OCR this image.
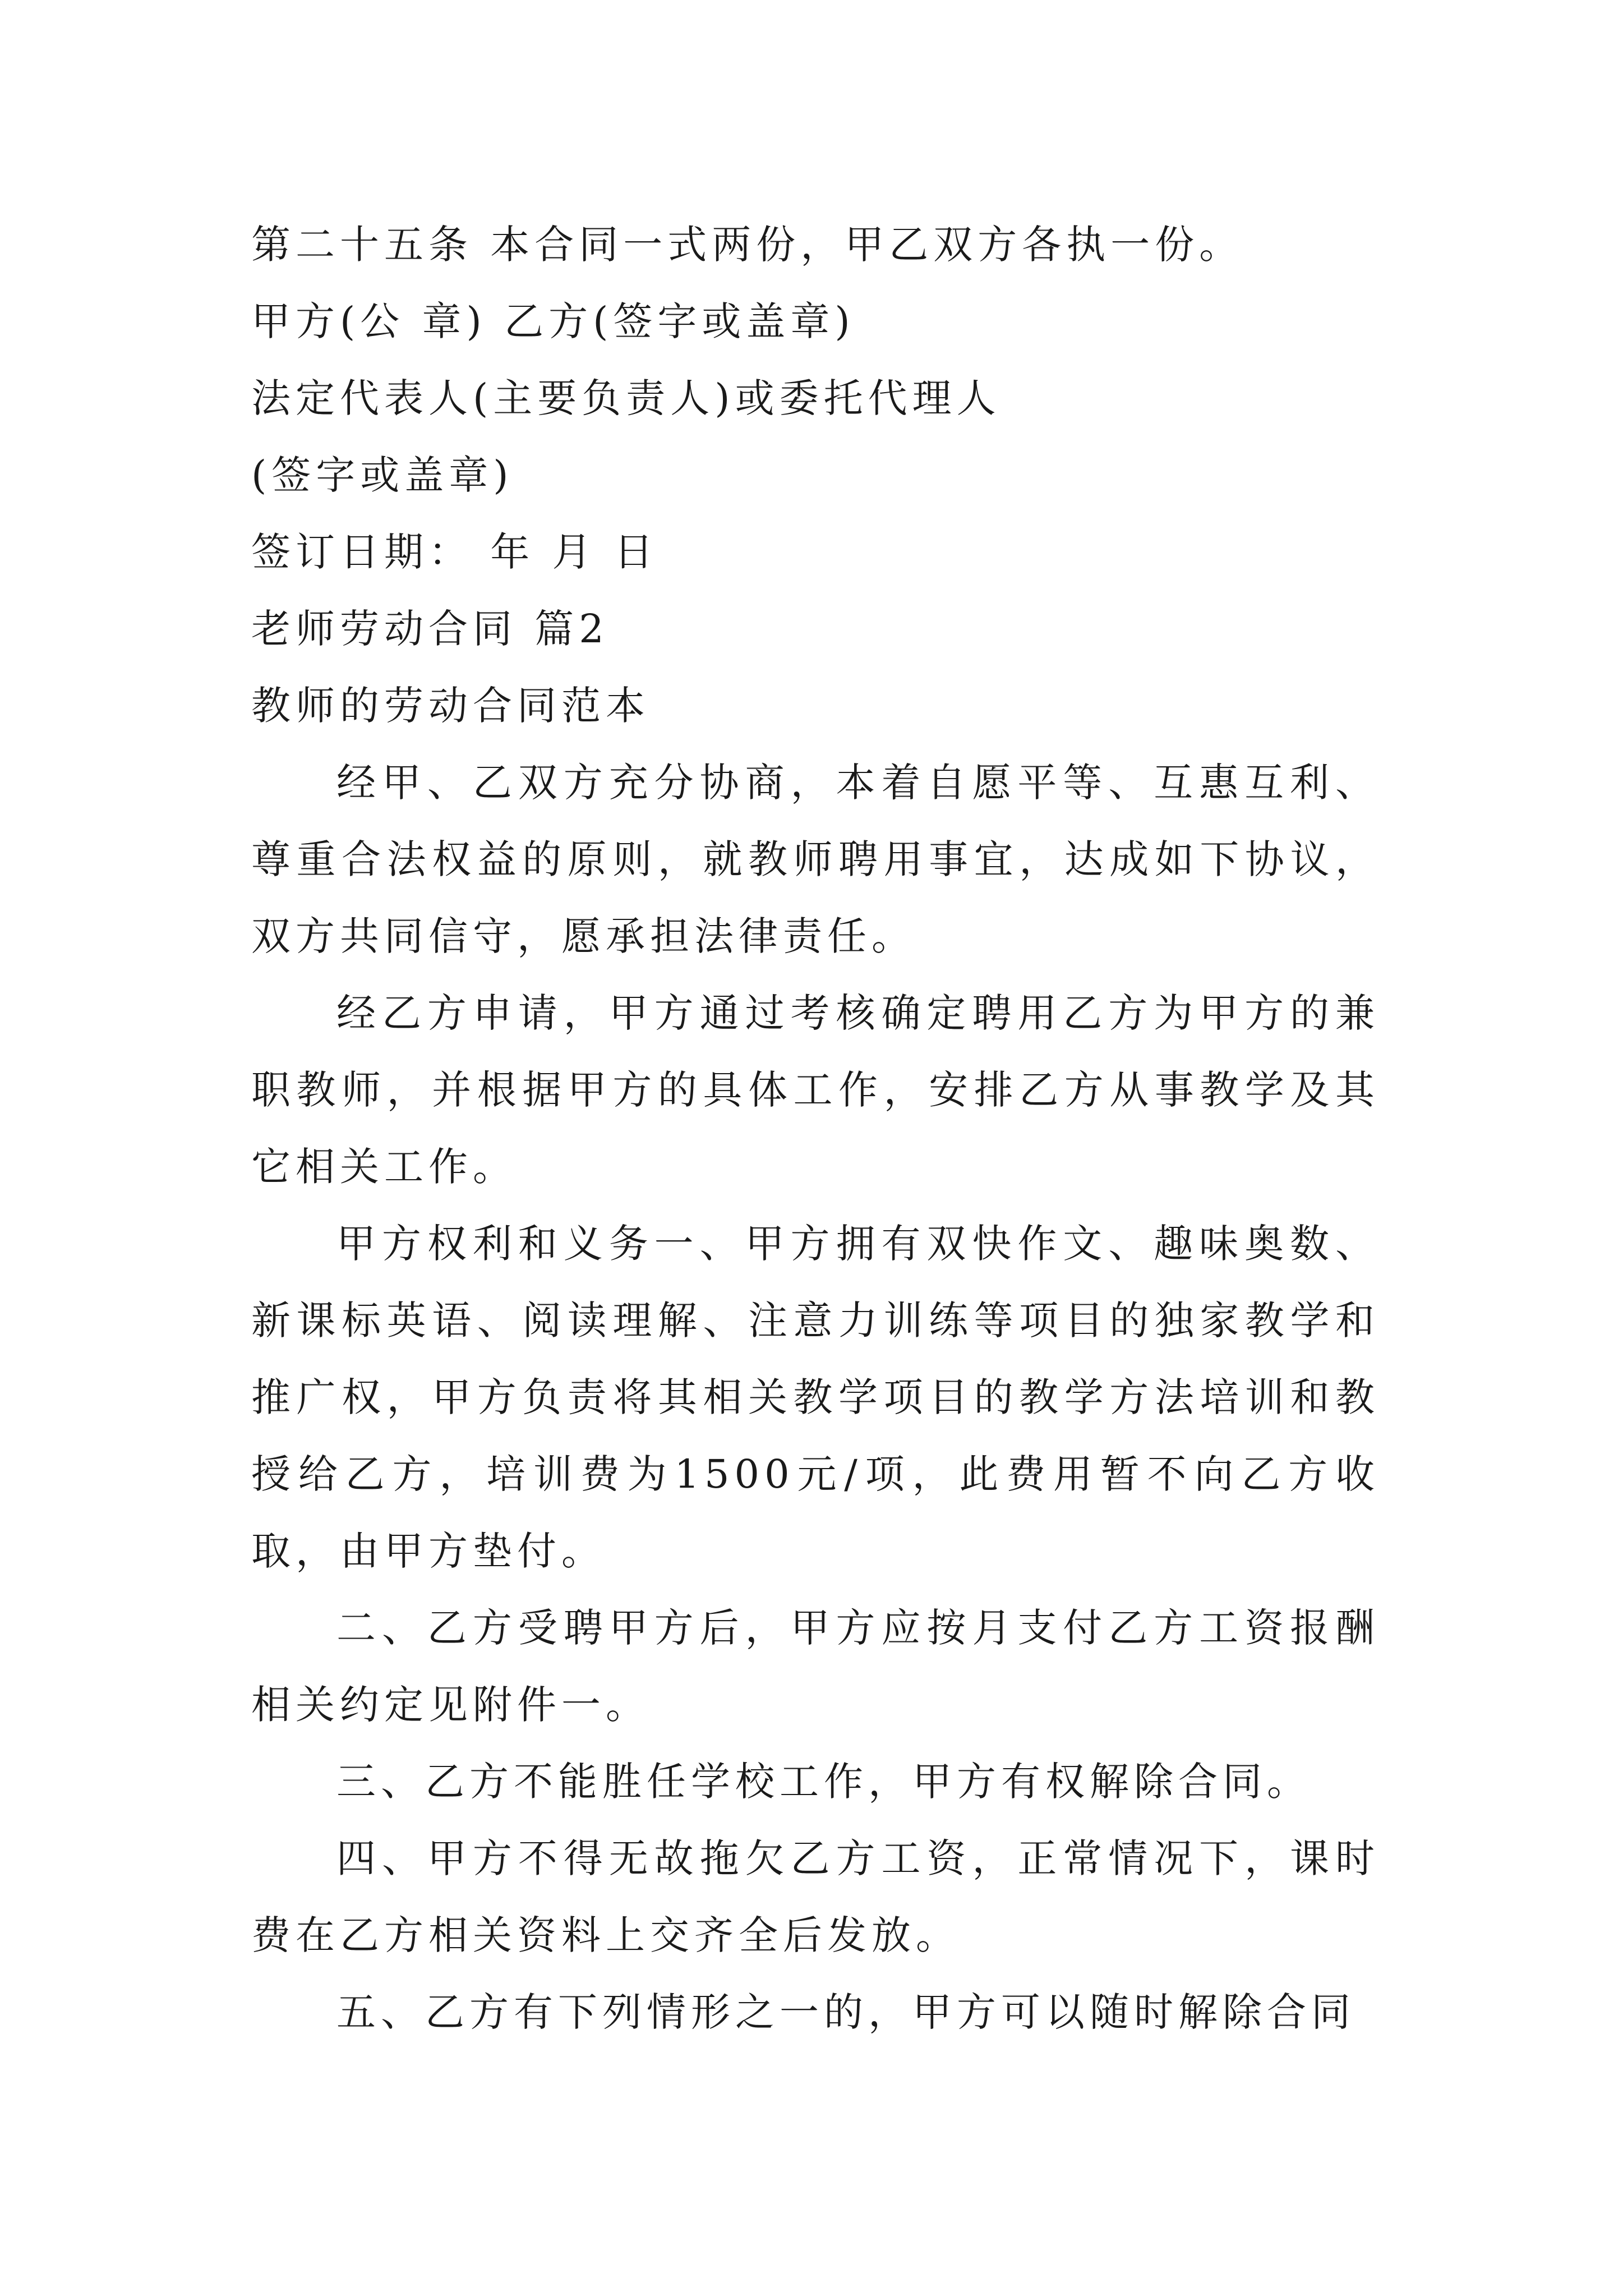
第二十五条 本合同一式两份，甲乙双方各执一份。

甲方(公 章) 乙方(签字或盖章)

法定代表人(主要负责人)或委托代理人

(签字或盖章)

签订日期： 年 月 日

老师劳动合同 篇2

教师的劳动合同范本

经甲、乙双方充分协商，本着自愿平等、互惠互利、尊重合法权益的原则，就教师聘用事宜，达成如下协议，双方共同信守，愿承担法律责任。

经乙方申请，甲方通过考核确定聘用乙方为甲方的兼职教师，并根据甲方的具体工作，安排乙方从事教学及其它相关工作。

甲方权利和义务一、甲方拥有双快作文、趣味奥数、新课标英语、阅读理解、注意力训练等项目的独家教学和推广权，甲方负责将其相关教学项目的教学方法培训和教授给乙方，培训费为1500元/项，此费用暂不向乙方收取，由甲方垫付。

二、乙方受聘甲方后，甲方应按月支付乙方工资报酬相关约定见附件一。

三、乙方不能胜任学校工作，甲方有权解除合同。

四、甲方不得无故拖欠乙方工资，正常情况下，课时费在乙方相关资料上交齐全后发放。

五、乙方有下列情形之一的，甲方可以随时解除合同
